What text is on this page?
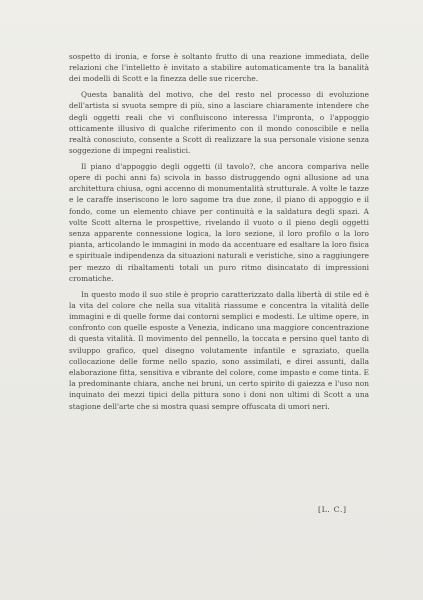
sospetto di ironia, e forse è soltanto frutto di una reazione immediata, delle relazioni che l'intelletto è invitato a stabilire automaticamente tra la banalità dei modelli di Scott e la finezza delle sue ricerche.

Questa banalità del motivo, che del resto nel processo di evoluzione dell'artista si svuota sempre di più, sino a lasciare chiaramente intendere che degli oggetti reali che vi confluiscono interessa l'impronta, o l'appoggio otticamente illusivo di qualche riferimento con il mondo conoscibile e nella realtà conosciuto, consente a Scott di realizzare la sua personale visione senza soggezione di impegni realistici.

Il piano d'appoggio degli oggetti (il tavolo?, che ancora compariva nelle opere di pochi anni fa) scivola in basso distruggendo ogni allusione ad una architettura chiusa, ogni accenno di monumentalità strutturale. A volte le tazze e le caraffe inseriscono le loro sagome tra due zone, il piano di appoggio e il fondo, come un elemento chiave per continuità e la saldatura degli spazi. A volte Scott alterna le prospettive, rivelando il vuoto o il pieno degli oggetti senza apparente connessione logica, la loro sezione, il loro profilo o la loro pianta, articolando le immagini in modo da accentuare ed esaltare la loro fisica e spirituale indipendenza da situazioni naturali e veristiche, sino a raggiungere per mezzo di ribaltamenti totali un puro ritmo disincatato di impressioni cromatiche.

In questo modo il suo stile è proprio caratterizzato dalla libertà di stile ed è la vita del colore che nella sua vitalità riassume e concentra la vitalità delle immagini e di quelle forme dai contorni semplici e modesti. Le ultime opere, in confronto con quelle esposte a Venezia, indicano una maggiore concentrazione di questa vitalità. Il movimento del pennello, la toccata e persino quel tanto di sviluppo grafico, quel disegno volutamente infantile e sgraziato, quella collocazione delle forme nello spazio, sono assimilati, e direi assunti, dalla elaborazione fitta, sensitiva e vibrante del colore, come impasto e come tinta. E la predominante chiara, anche nei bruni, un certo spirito di gaiezza e l'uso non inquinato dei mezzi tipici della pittura sono i doni non ultimi di Scott a una stagione dell'arte che si mostra quasi sempre offuscata di umori neri.

[L. C.]
